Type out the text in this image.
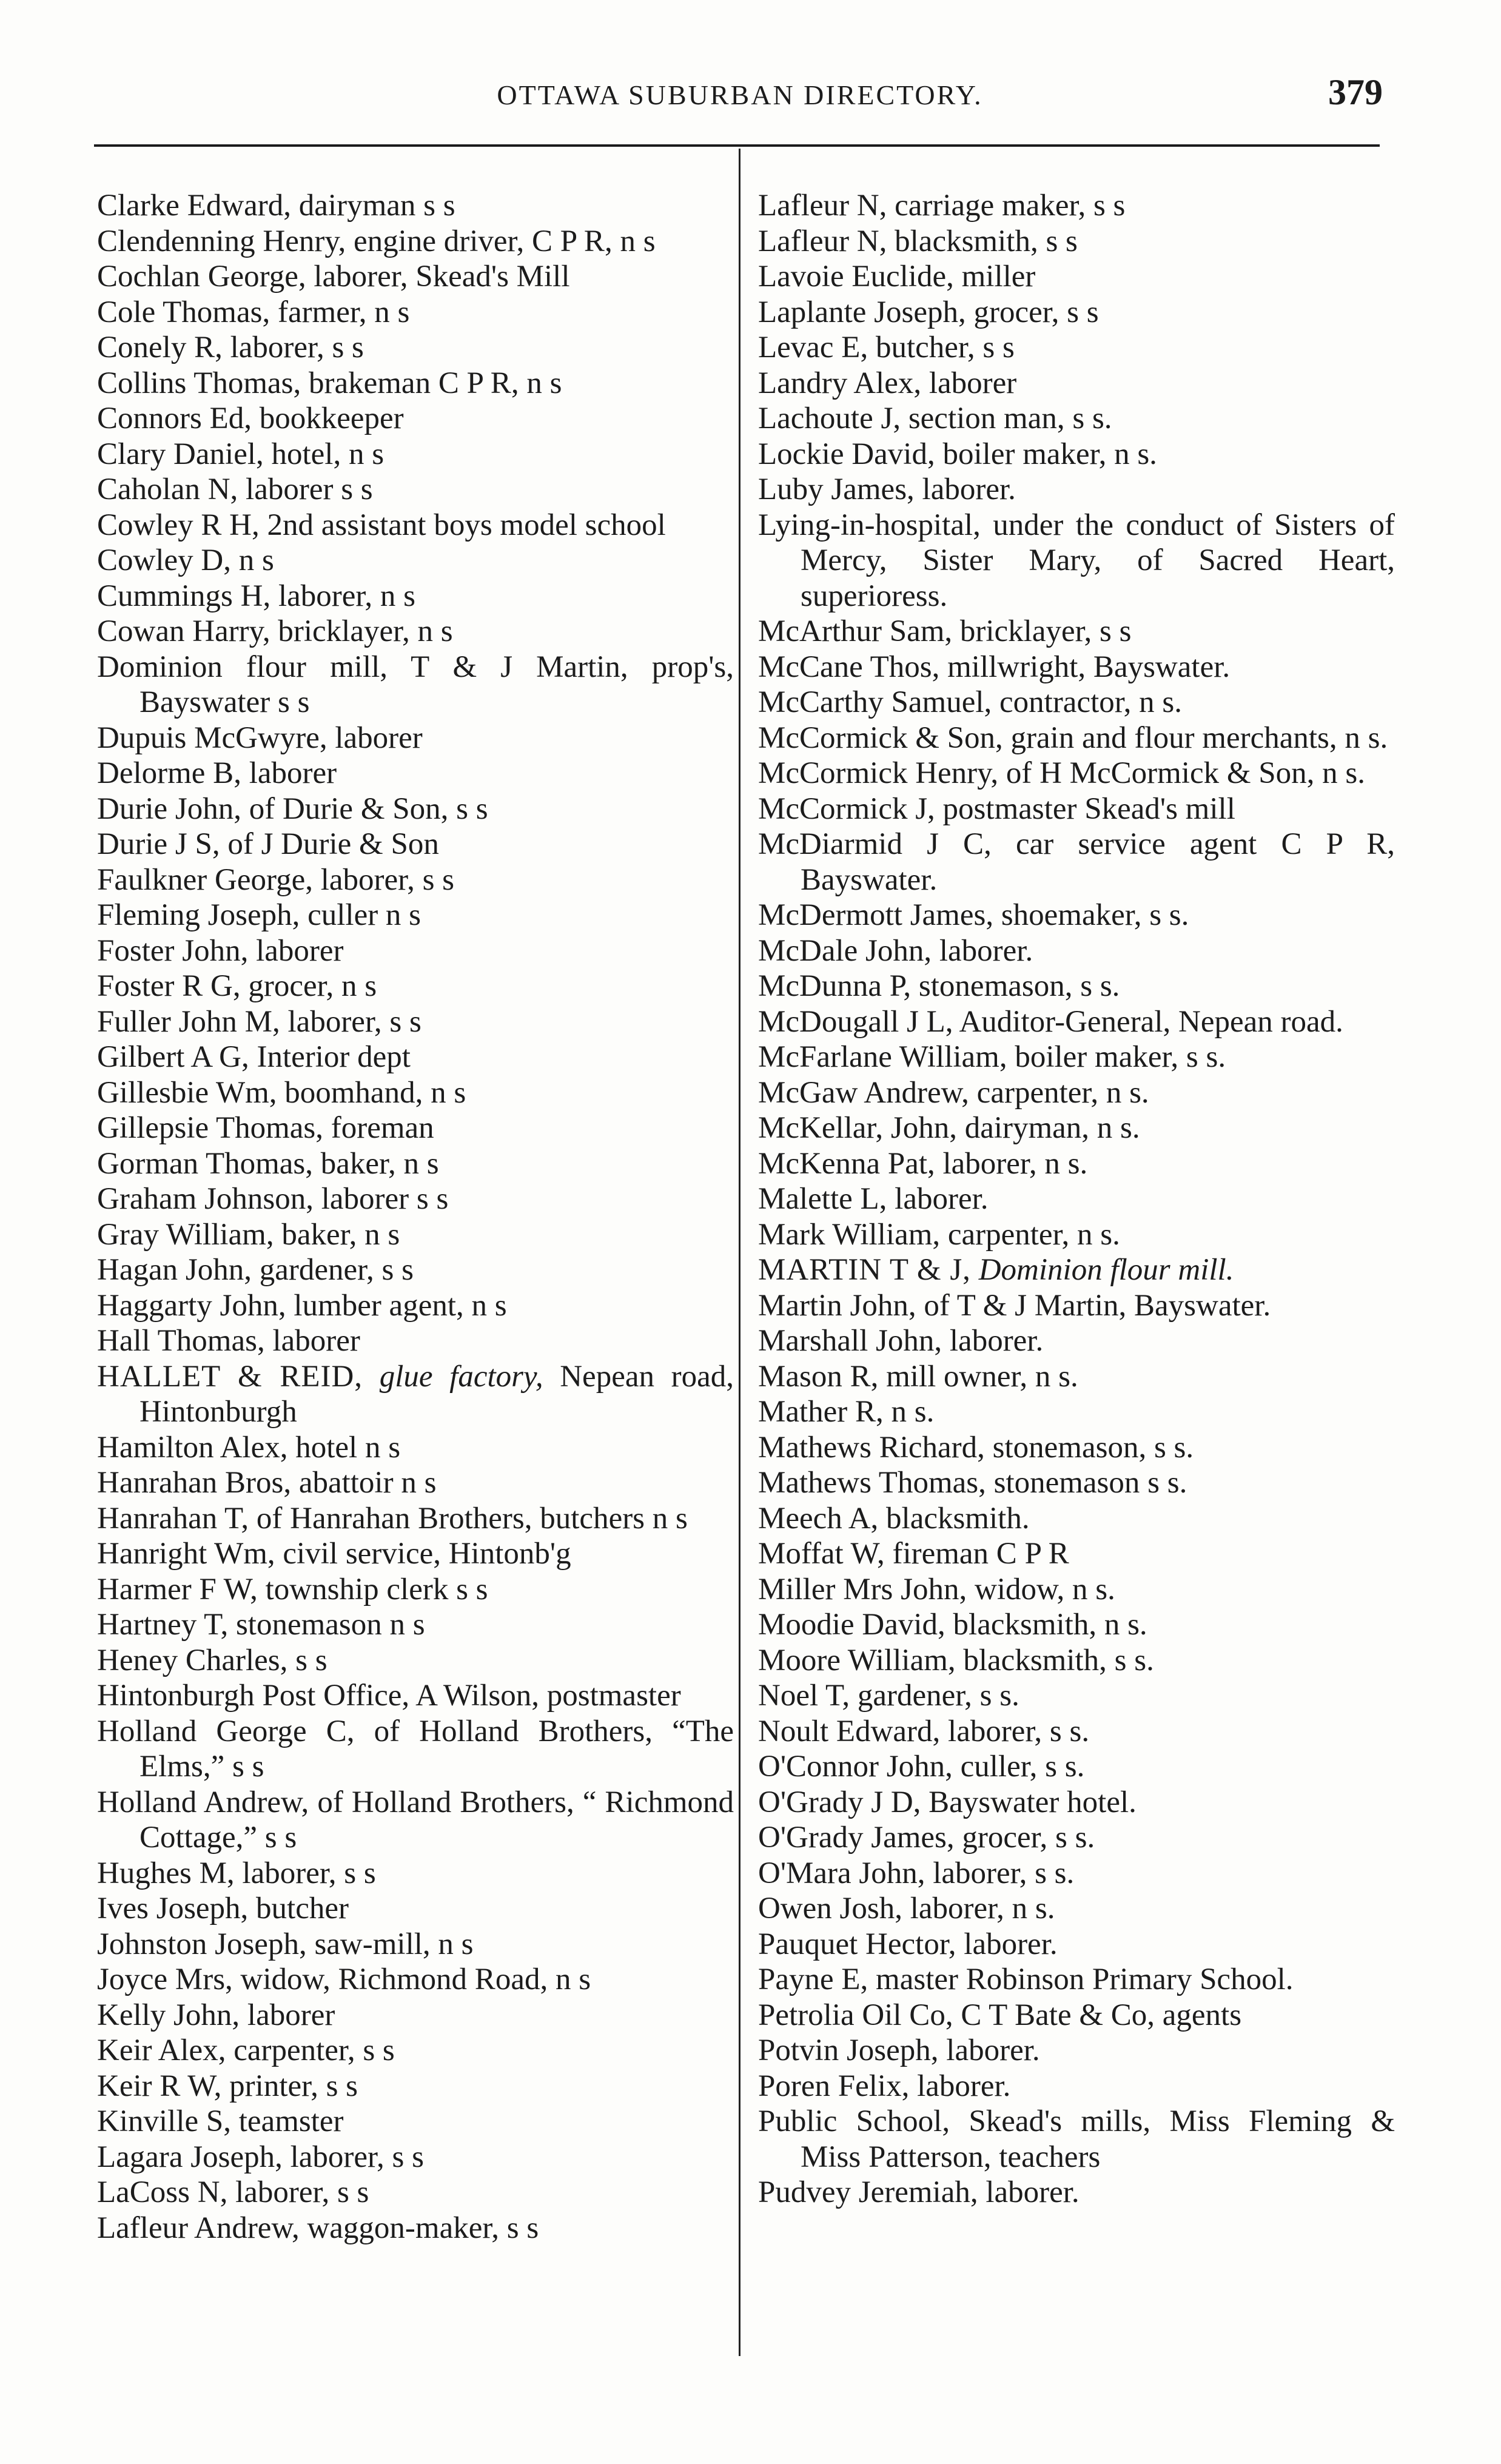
OTTAWA SUBURBAN DIRECTORY.	379
Clarke Edward, dairyman s s
Clendenning Henry, engine driver, C P R, n s
Cochlan George, laborer, Skead's Mill
Cole Thomas, farmer, n s
Conely R, laborer, s s
Collins Thomas, brakeman C P R, n s
Connors Ed, bookkeeper
Clary Daniel, hotel, n s
Caholan N, laborer s s
Cowley R H, 2nd assistant boys model school
Cowley D, n s
Cummings H, laborer, n s
Cowan Harry, bricklayer, n s
Dominion flour mill, T & J Martin, prop's, Bayswater s s
Dupuis McGwyre, laborer
Delorme B, laborer
Durie John, of Durie & Son, s s
Durie J S, of J Durie & Son
Faulkner George, laborer, s s
Fleming Joseph, culler n s
Foster John, laborer
Foster R G, grocer, n s
Fuller John M, laborer, s s
Gilbert A G, Interior dept
Gillesbie Wm, boomhand, n s
Gillepsie Thomas, foreman
Gorman Thomas, baker, n s
Graham Johnson, laborer s s
Gray William, baker, n s
Hagan John, gardener, s s
Haggarty John, lumber agent, n s
Hall Thomas, laborer
HALLET & REID, glue factory, Nepean road, Hintonburgh
Hamilton Alex, hotel n s
Hanrahan Bros, abattoir n s
Hanrahan T, of Hanrahan Brothers, butchers n s
Hanright Wm, civil service, Hintonb'g
Harmer F W, township clerk s s
Hartney T, stonemason n s
Heney Charles, s s
Hintonburgh Post Office, A Wilson, postmaster
Holland George C, of Holland Brothers, “The Elms,” s s
Holland Andrew, of Holland Brothers, “ Richmond Cottage,” s s
Hughes M, laborer, s s
Ives Joseph, butcher
Johnston Joseph, saw-mill, n s
Joyce Mrs, widow, Richmond Road, n s
Kelly John, laborer
Keir Alex, carpenter, s s
Keir R W, printer, s s
Kinville S, teamster
Lagara Joseph, laborer, s s
LaCoss N, laborer, s s
Lafleur Andrew, waggon-maker, s s
Lafleur N, carriage maker, s s
Lafleur N, blacksmith, s s
Lavoie Euclide, miller
Laplante Joseph, grocer, s s
Levac E, butcher, s s
Landry Alex, laborer
Lachoute J, section man, s s.
Lockie David, boiler maker, n s.
Luby James, laborer.
Lying-in-hospital, under the conduct of Sisters of Mercy, Sister Mary, of Sacred Heart, superioress.
McArthur Sam, bricklayer, s s
McCane Thos, millwright, Bayswater.
McCarthy Samuel, contractor, n s.
McCormick & Son, grain and flour merchants, n s.
McCormick Henry, of H McCormick & Son, n s.
McCormick J, postmaster Skead's mill
McDiarmid J C, car service agent C P R, Bayswater.
McDermott James, shoemaker, s s.
McDale John, laborer.
McDunna P, stonemason, s s.
McDougall J L, Auditor-General, Nepean road.
McFarlane William, boiler maker, s s.
McGaw Andrew, carpenter, n s.
McKellar, John, dairyman, n s.
McKenna Pat, laborer, n s.
Malette L, laborer.
Mark William, carpenter, n s.
MARTIN T & J, Dominion flour mill.
Martin John, of T & J Martin, Bayswater.
Marshall John, laborer.
Mason R, mill owner, n s.
Mather R, n s.
Mathews Richard, stonemason, s s.
Mathews Thomas, stonemason s s.
Meech A, blacksmith.
Moffat W, fireman C P R
Miller Mrs John, widow, n s.
Moodie David, blacksmith, n s.
Moore William, blacksmith, s s.
Noel T, gardener, s s.
Noult Edward, laborer, s s.
O'Connor John, culler, s s.
O'Grady J D, Bayswater hotel.
O'Grady James, grocer, s s.
O'Mara John, laborer, s s.
Owen Josh, laborer, n s.
Pauquet Hector, laborer.
Payne E, master Robinson Primary School.
Petrolia Oil Co, C T Bate & Co, agents
Potvin Joseph, laborer.
Poren Felix, laborer.
Public School, Skead's mills, Miss Fleming & Miss Patterson, teachers
Pudvey Jeremiah, laborer.
